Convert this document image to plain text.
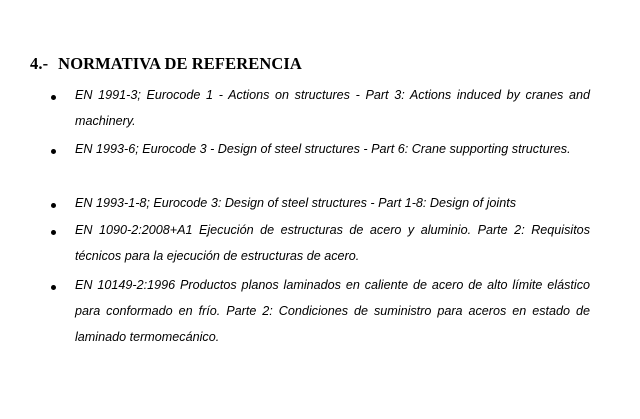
4.- NORMATIVA DE REFERENCIA

EN 1991-3; Eurocode 1 - Actions on structures - Part 3: Actions induced by cranes and machinery.

EN 1993-6; Eurocode 3 - Design of steel structures - Part 6: Crane supporting structures.

EN 1993-1-8; Eurocode 3: Design of steel structures - Part 1-8: Design of joints

EN 1090-2:2008+A1 Ejecución de estructuras de acero y aluminio. Parte 2: Requisitos técnicos para la ejecución de estructuras de acero.

EN 10149-2:1996 Productos planos laminados en caliente de acero de alto límite elástico para conformado en frío. Parte 2: Condiciones de suministro para aceros en estado de laminado termomecánico.
